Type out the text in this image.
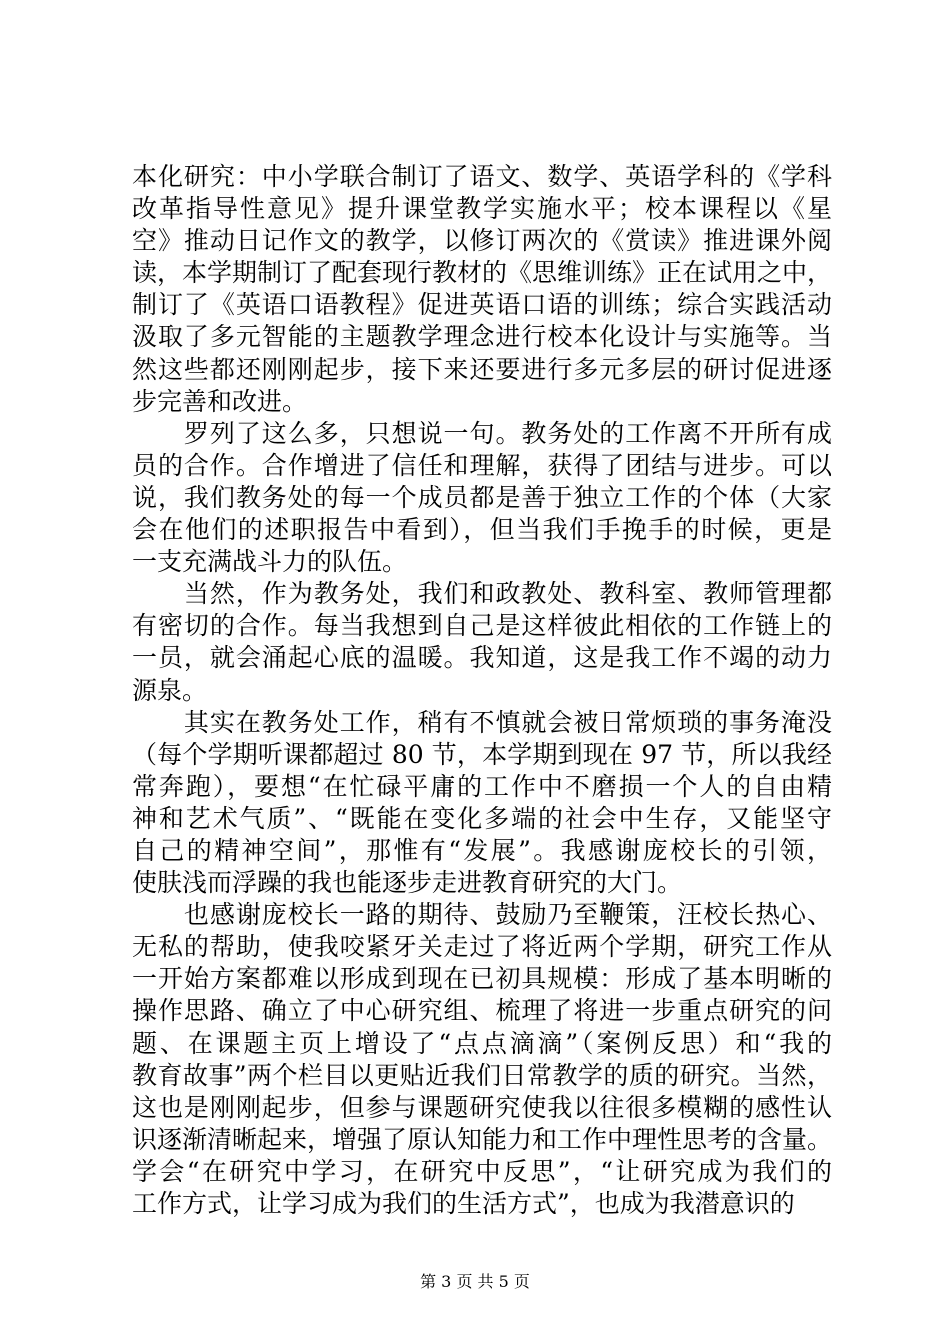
本化研究：中小学联合制订了语文、数学、英语学科的《学科
改革指导性意见》提升课堂教学实施水平；校本课程以《星
空》推动日记作文的教学，以修订两次的《赏读》推进课外阅
读，本学期制订了配套现行教材的《思维训练》正在试用之中，
制订了《英语口语教程》促进英语口语的训练；综合实践活动
汲取了多元智能的主题教学理念进行校本化设计与实施等。当
然这些都还刚刚起步，接下来还要进行多元多层的研讨促进逐
步完善和改进。
　　罗列了这么多，只想说一句。教务处的工作离不开所有成
员的合作。合作增进了信任和理解，获得了团结与进步。可以
说，我们教务处的每一个成员都是善于独立工作的个体（大家
会在他们的述职报告中看到），但当我们手挽手的时候，更是
一支充满战斗力的队伍。
　　当然，作为教务处，我们和政教处、教科室、教师管理都
有密切的合作。每当我想到自己是这样彼此相依的工作链上的
一员，就会涌起心底的温暖。我知道，这是我工作不竭的动力
源泉。
　　其实在教务处工作，稍有不慎就会被日常烦琐的事务淹没
（每个学期听课都超过 80 节，本学期到现在 97 节，所以我经
常奔跑），要想“在忙碌平庸的工作中不磨损一个人的自由精
神和艺术气质”、“既能在变化多端的社会中生存，又能坚守
自己的精神空间”，那惟有“发展”。我感谢庞校长的引领，
使肤浅而浮躁的我也能逐步走进教育研究的大门。
　　也感谢庞校长一路的期待、鼓励乃至鞭策，汪校长热心、
无私的帮助，使我咬紧牙关走过了将近两个学期，研究工作从
一开始方案都难以形成到现在已初具规模：形成了基本明晰的
操作思路、确立了中心研究组、梳理了将进一步重点研究的问
题、在课题主页上增设了“点点滴滴”（案例反思）和“我的
教育故事”两个栏目以更贴近我们日常教学的质的研究。当然，
这也是刚刚起步，但参与课题研究使我以往很多模糊的感性认
识逐渐清晰起来，增强了原认知能力和工作中理性思考的含量。
学会“在研究中学习，在研究中反思”，“让研究成为我们的
工作方式，让学习成为我们的生活方式”，也成为我潜意识的
第 3 页 共 5 页
